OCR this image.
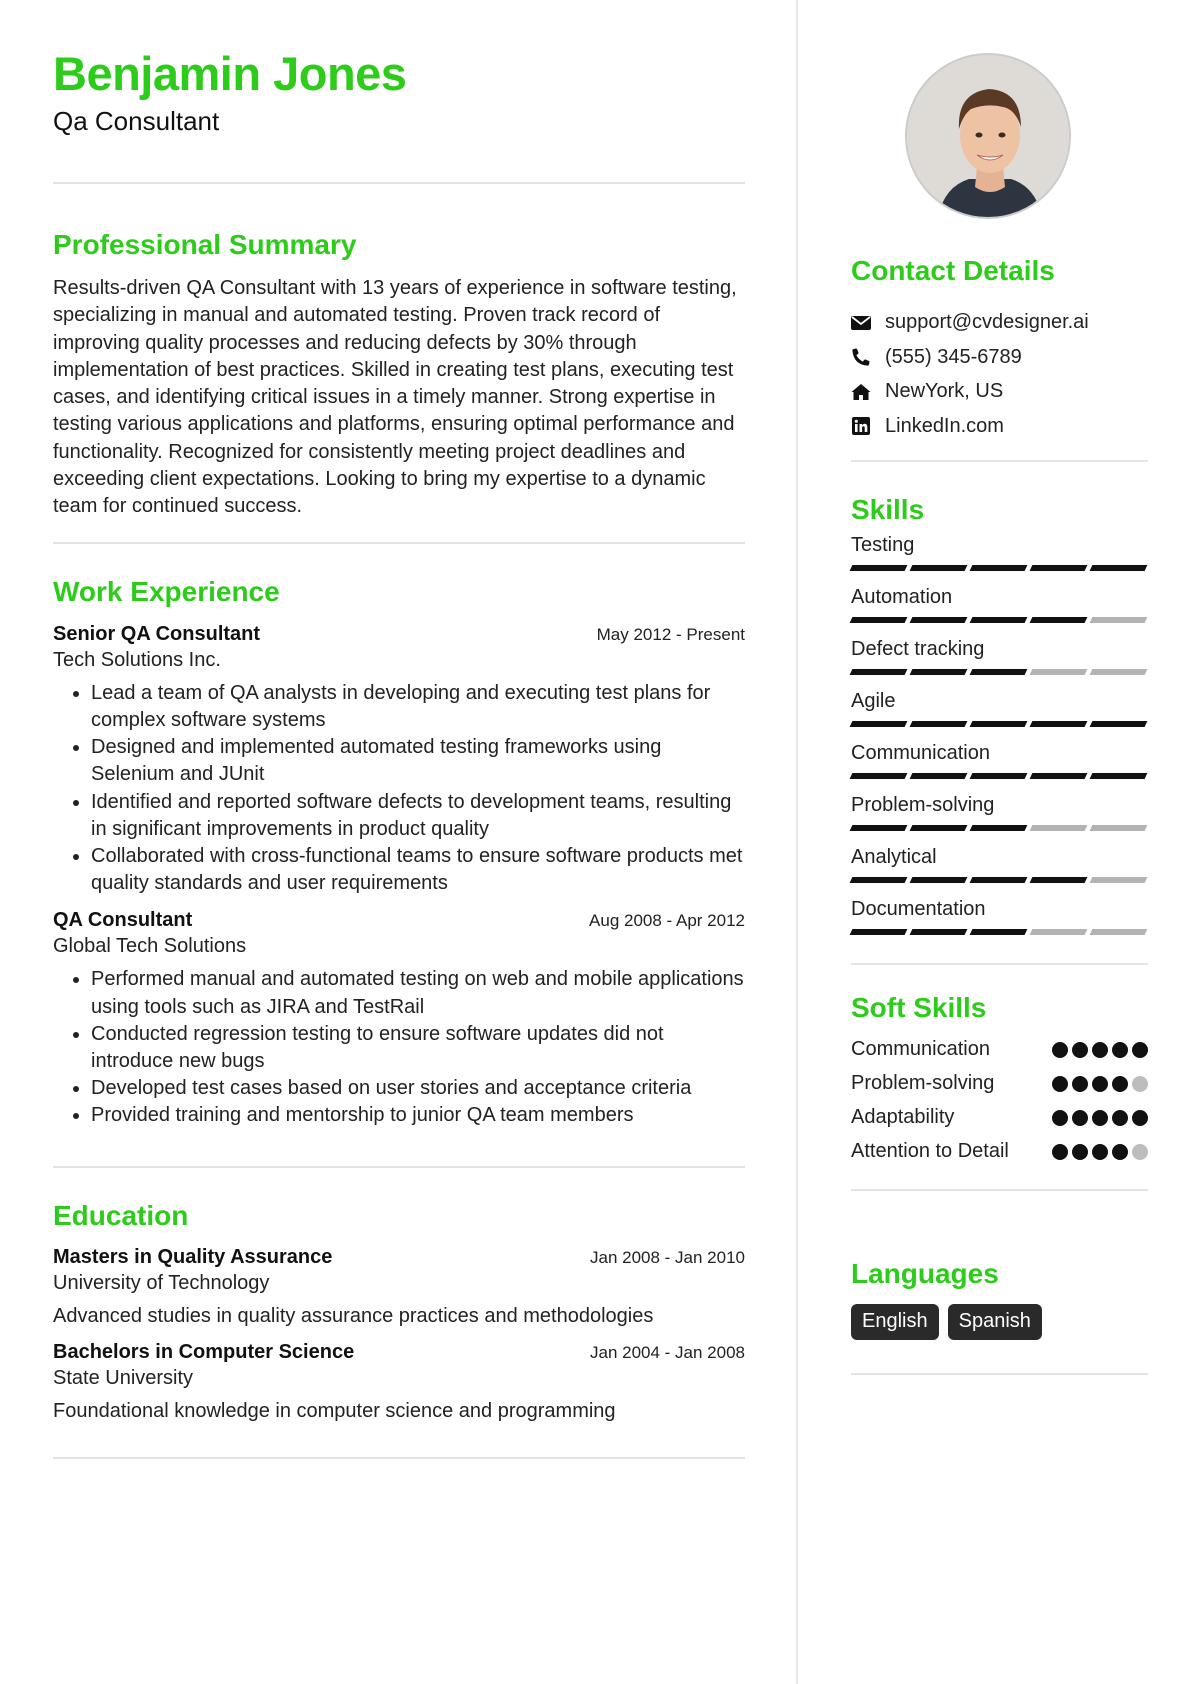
Benjamin Jones
Qa Consultant
Professional Summary
Results-driven QA Consultant with 13 years of experience in software testing, specializing in manual and automated testing. Proven track record of improving quality processes and reducing defects by 30% through implementation of best practices. Skilled in creating test plans, executing test cases, and identifying critical issues in a timely manner. Strong expertise in testing various applications and platforms, ensuring optimal performance and functionality. Recognized for consistently meeting project deadlines and exceeding client expectations. Looking to bring my expertise to a dynamic team for continued success.
Work Experience
Senior QA Consultant	May 2012 - Present
Tech Solutions Inc.
• Lead a team of QA analysts in developing and executing test plans for complex software systems
• Designed and implemented automated testing frameworks using Selenium and JUnit
• Identified and reported software defects to development teams, resulting in significant improvements in product quality
• Collaborated with cross-functional teams to ensure software products met quality standards and user requirements
QA Consultant	Aug 2008 - Apr 2012
Global Tech Solutions
• Performed manual and automated testing on web and mobile applications using tools such as JIRA and TestRail
• Conducted regression testing to ensure software updates did not introduce new bugs
• Developed test cases based on user stories and acceptance criteria
• Provided training and mentorship to junior QA team members
Education
Masters in Quality Assurance	Jan 2008 - Jan 2010
University of Technology
Advanced studies in quality assurance practices and methodologies
Bachelors in Computer Science	Jan 2004 - Jan 2008
State University
Foundational knowledge in computer science and programming
Contact Details
support@cvdesigner.ai
(555) 345-6789
NewYork, US
LinkedIn.com
Skills
Testing
Automation
Defect tracking
Agile
Communication
Problem-solving
Analytical
Documentation
Soft Skills
Communication
Problem-solving
Adaptability
Attention to Detail
Languages
English	Spanish
